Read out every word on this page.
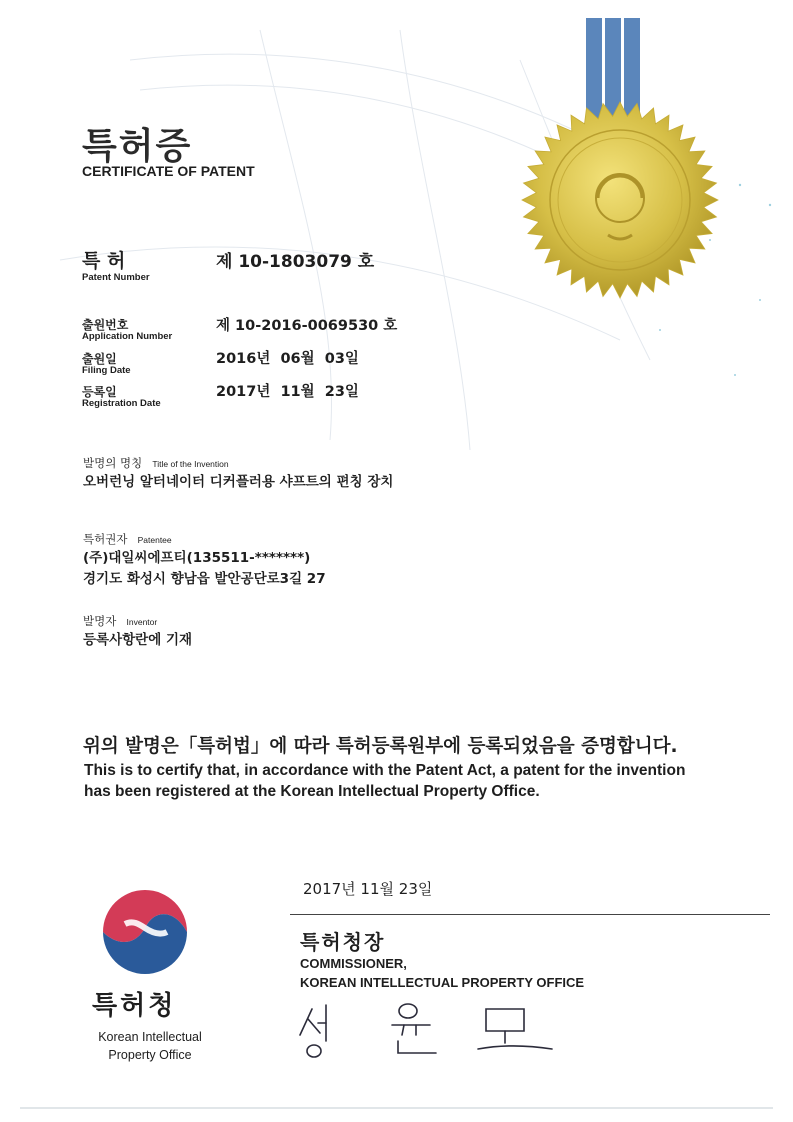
특허증
CERTIFICATE OF PATENT
특 허
Patent Number
제 10-1803079 호
출원번호
Application Number
제 10-2016-0069530 호
출원일
Filing Date
2016년  06월  03일
등록일
Registration Date
2017년  11월  23일
발명의 명칭 Title of the Invention
오버런닝 알터네이터 디커플러용 샤프트의 편칭 장치
특허권자 Patentee
(주)대일씨에프티(135511-*******)
경기도 화성시 향남읍 발안공단로3길 27
발명자 Inventor
등록사항란에 기재
위의 발명은「특허법」에 따라 특허등록원부에 등록되었음을 증명합니다.
This is to certify that, in accordance with the Patent Act, a patent for the invention
has been registered at the Korean Intellectual Property Office.
특허청
Korean Intellectual
Property Office
2017년 11월 23일
특허청장
COMMISSIONER,
KOREAN INTELLECTUAL PROPERTY OFFICE
